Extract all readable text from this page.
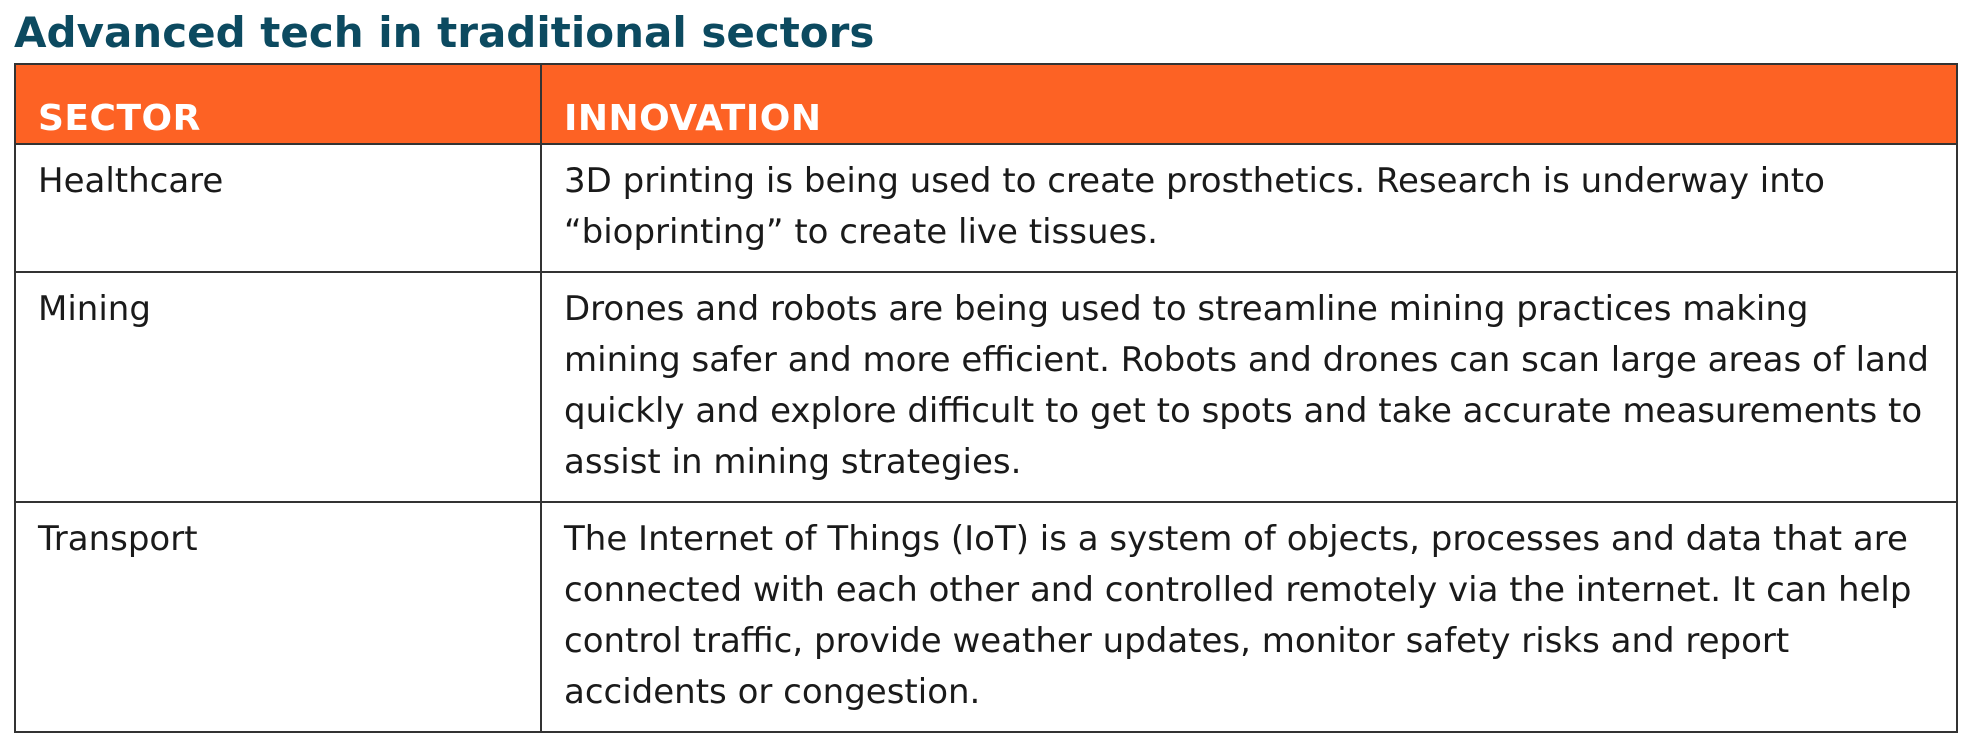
Advanced tech in traditional sectors
SECTOR	INNOVATION
Healthcare	3D printing is being used to create prosthetics. Research is underway into “bioprinting” to create live tissues.
Mining	Drones and robots are being used to streamline mining practices making mining safer and more efficient. Robots and drones can scan large areas of land quickly and explore difficult to get to spots and take accurate measurements to assist in mining strategies.
Transport	The Internet of Things (IoT) is a system of objects, processes and data that are connected with each other and controlled remotely via the internet. It can help control traffic, provide weather updates, monitor safety risks and report accidents or congestion.
